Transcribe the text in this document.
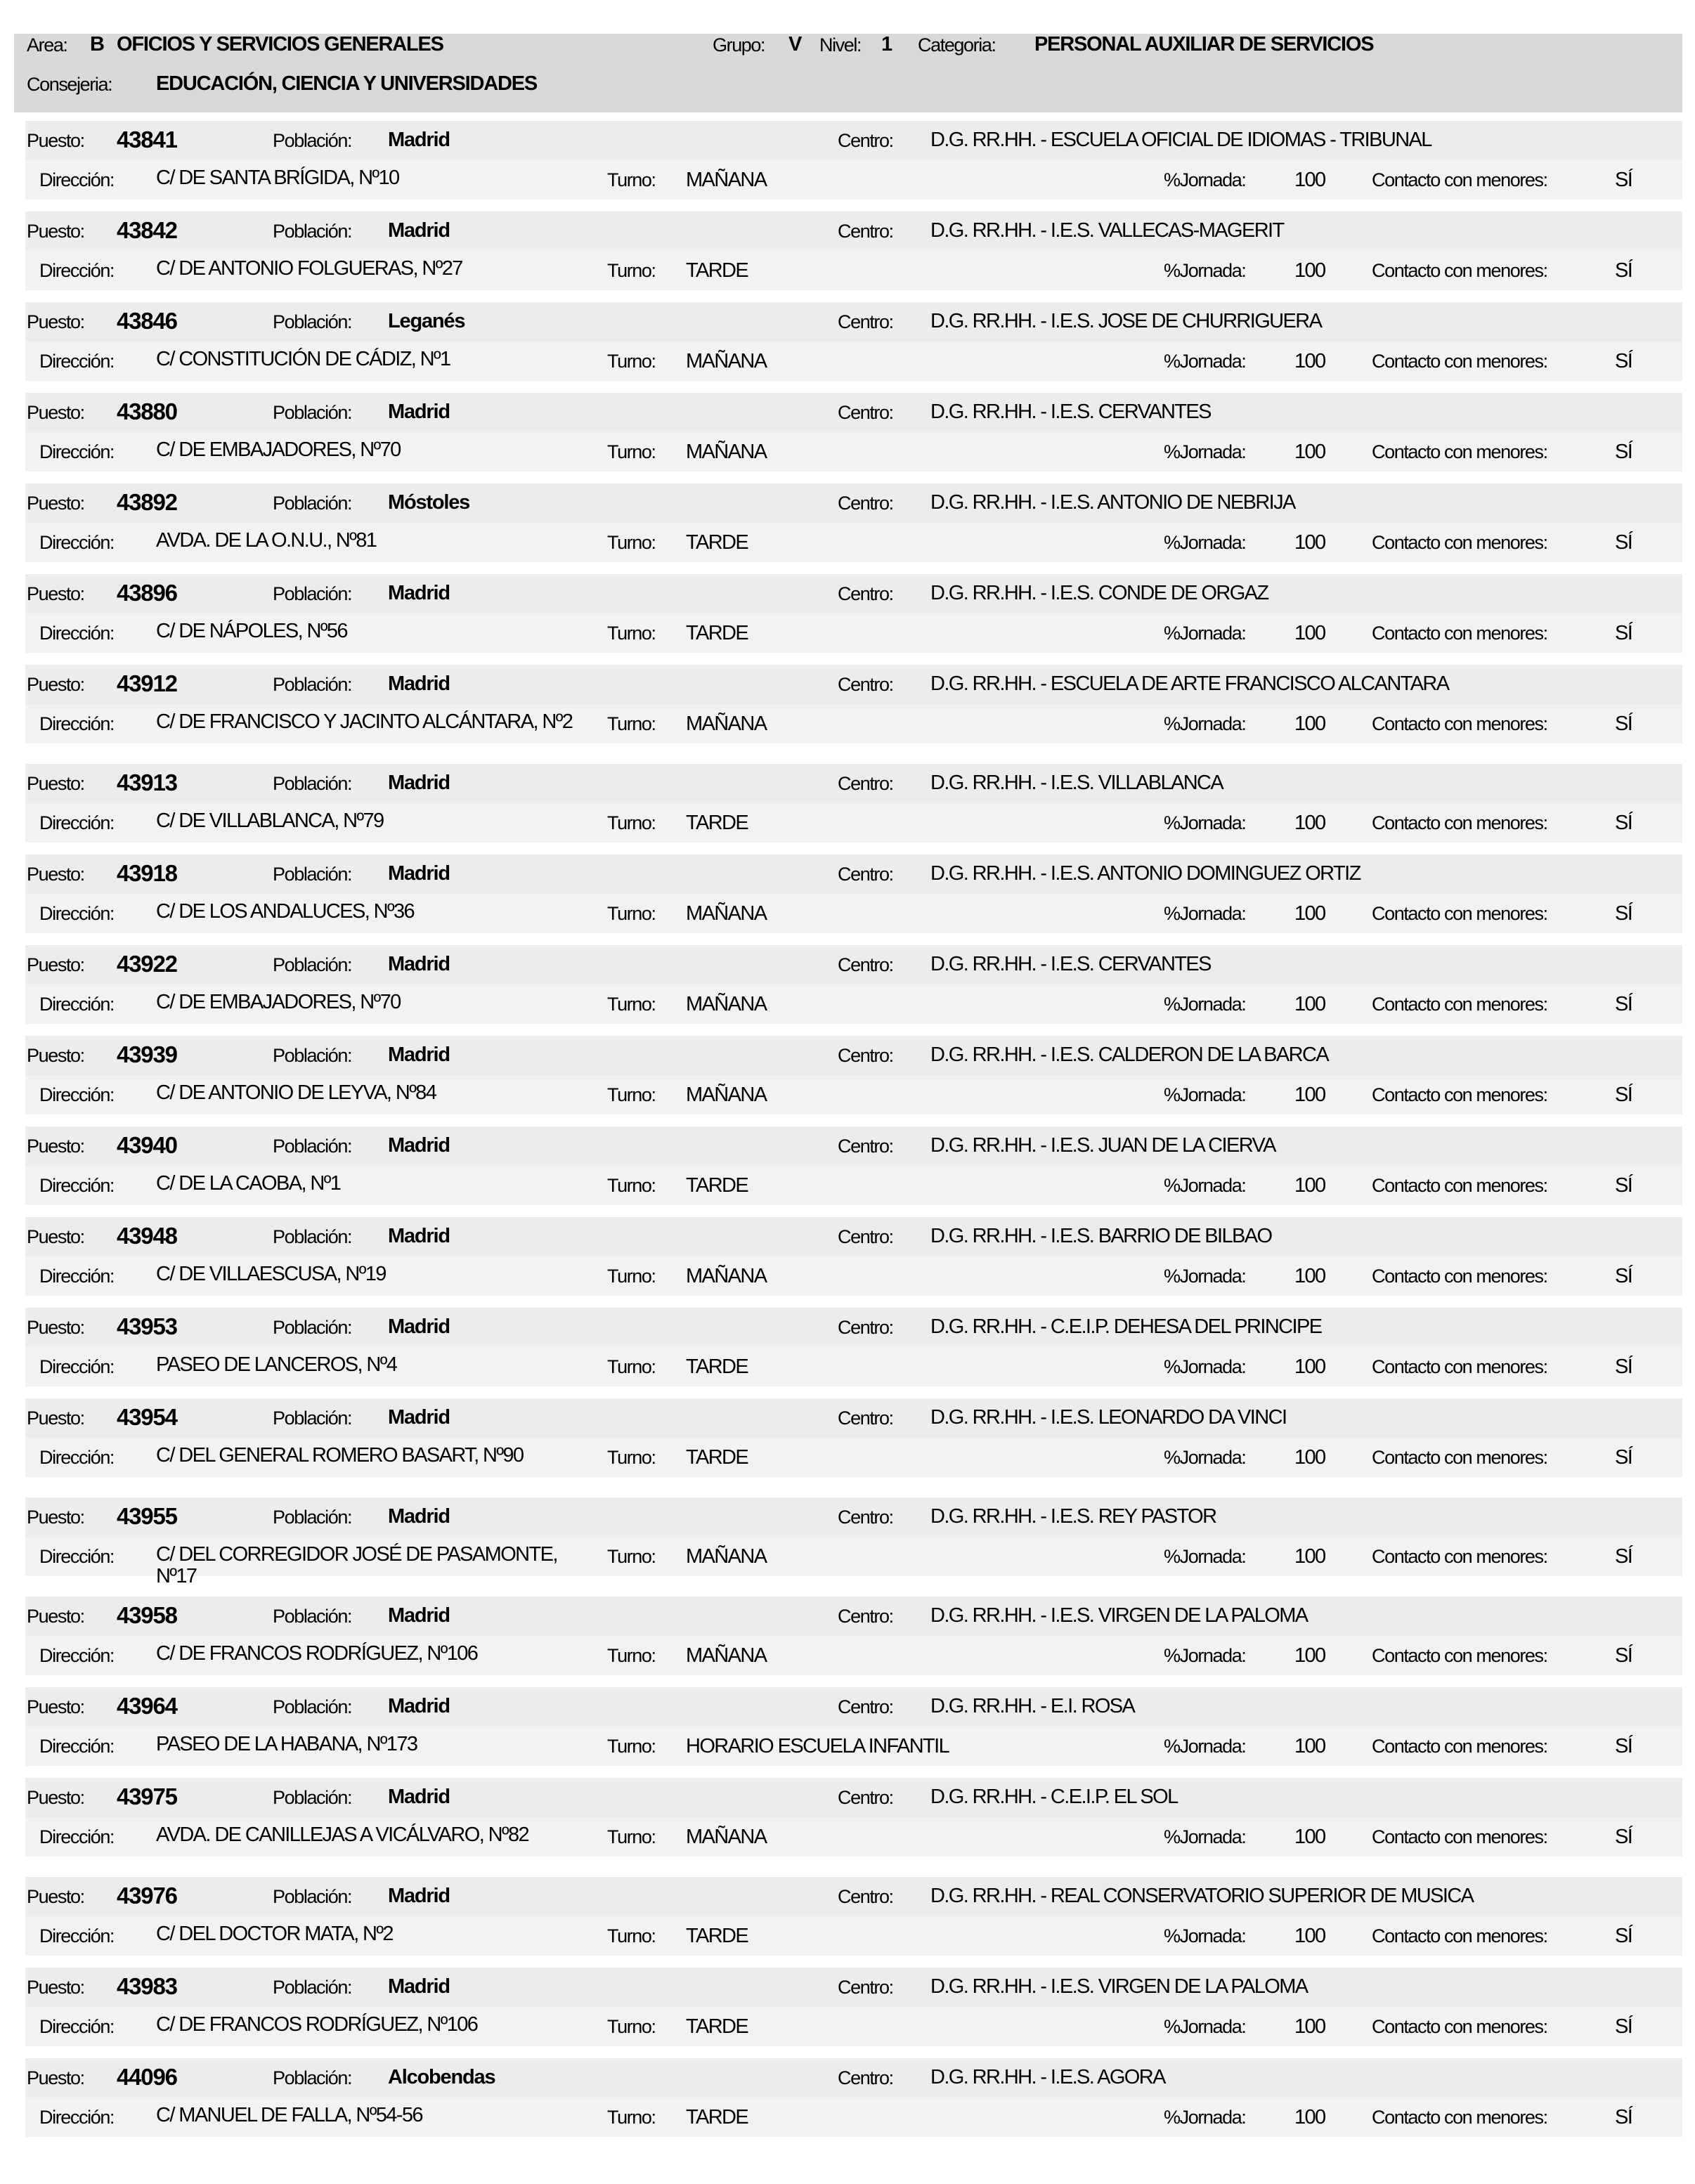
Area: B OFICIOS Y SERVICIOS GENERALES	Grupo: V Nivel: 1 Categoria: PERSONAL AUXILIAR DE SERVICIOS
Consejeria: EDUCACIÓN, CIENCIA Y UNIVERSIDADES
Puesto: 43841	Población: Madrid	Centro: D.G. RR.HH. - ESCUELA OFICIAL DE IDIOMAS - TRIBUNAL
Dirección: C/ DE SANTA BRÍGIDA, Nº10	Turno: MAÑANA	%Jornada: 100 Contacto con menores:	SÍ
Puesto: 43842	Población: Madrid	Centro: D.G. RR.HH. - I.E.S. VALLECAS-MAGERIT
Dirección: C/ DE ANTONIO FOLGUERAS, Nº27	Turno: TARDE	%Jornada: 100 Contacto con menores:	SÍ
Puesto: 43846	Población: Leganés	Centro: D.G. RR.HH. - I.E.S. JOSE DE CHURRIGUERA
Dirección: C/ CONSTITUCIÓN DE CÁDIZ, Nº1	Turno: MAÑANA	%Jornada: 100 Contacto con menores:	SÍ
Puesto: 43880	Población: Madrid	Centro: D.G. RR.HH. - I.E.S. CERVANTES
Dirección: C/ DE EMBAJADORES, Nº70	Turno: MAÑANA	%Jornada: 100 Contacto con menores:	SÍ
Puesto: 43892	Población: Móstoles	Centro: D.G. RR.HH. - I.E.S. ANTONIO DE NEBRIJA
Dirección: AVDA. DE LA O.N.U., Nº81	Turno: TARDE	%Jornada: 100 Contacto con menores:	SÍ
Puesto: 43896	Población: Madrid	Centro: D.G. RR.HH. - I.E.S. CONDE DE ORGAZ
Dirección: C/ DE NÁPOLES, Nº56	Turno: TARDE	%Jornada: 100 Contacto con menores:	SÍ
Puesto: 43912	Población: Madrid	Centro: D.G. RR.HH. - ESCUELA DE ARTE FRANCISCO ALCANTARA
Dirección: C/ DE FRANCISCO Y JACINTO ALCÁNTARA, Nº2 Turno: MAÑANA	%Jornada: 100 Contacto con menores:	SÍ
Puesto: 43913	Población: Madrid	Centro: D.G. RR.HH. - I.E.S. VILLABLANCA
Dirección: C/ DE VILLABLANCA, Nº79	Turno: TARDE	%Jornada: 100 Contacto con menores:	SÍ
Puesto: 43918	Población: Madrid	Centro: D.G. RR.HH. - I.E.S. ANTONIO DOMINGUEZ ORTIZ
Dirección: C/ DE LOS ANDALUCES, Nº36	Turno: MAÑANA	%Jornada: 100 Contacto con menores:	SÍ
Puesto: 43922	Población: Madrid	Centro: D.G. RR.HH. - I.E.S. CERVANTES
Dirección: C/ DE EMBAJADORES, Nº70	Turno: MAÑANA	%Jornada: 100 Contacto con menores:	SÍ
Puesto: 43939	Población: Madrid	Centro: D.G. RR.HH. - I.E.S. CALDERON DE LA BARCA
Dirección: C/ DE ANTONIO DE LEYVA, Nº84	Turno: MAÑANA	%Jornada: 100 Contacto con menores:	SÍ
Puesto: 43940	Población: Madrid	Centro: D.G. RR.HH. - I.E.S. JUAN DE LA CIERVA
Dirección: C/ DE LA CAOBA, Nº1	Turno: TARDE	%Jornada: 100 Contacto con menores:	SÍ
Puesto: 43948	Población: Madrid	Centro: D.G. RR.HH. - I.E.S. BARRIO DE BILBAO
Dirección: C/ DE VILLAESCUSA, Nº19	Turno: MAÑANA	%Jornada: 100 Contacto con menores:	SÍ
Puesto: 43953	Población: Madrid	Centro: D.G. RR.HH. - C.E.I.P. DEHESA DEL PRINCIPE
Dirección: PASEO DE LANCEROS, Nº4	Turno: TARDE	%Jornada: 100 Contacto con menores:	SÍ
Puesto: 43954	Población: Madrid	Centro: D.G. RR.HH. - I.E.S. LEONARDO DA VINCI
Dirección: C/ DEL GENERAL ROMERO BASART, Nº90	Turno: TARDE	%Jornada: 100 Contacto con menores:	SÍ
Puesto: 43955	Población: Madrid	Centro: D.G. RR.HH. - I.E.S. REY PASTOR
Dirección: C/ DEL CORREGIDOR JOSÉ DE PASAMONTE, Nº17
Turno: MAÑANA	%Jornada: 100 Contacto con menores:	SÍ
Puesto: 43958	Población: Madrid	Centro: D.G. RR.HH. - I.E.S. VIRGEN DE LA PALOMA
Dirección: C/ DE FRANCOS RODRÍGUEZ, Nº106	Turno: MAÑANA	%Jornada: 100 Contacto con menores:	SÍ
Puesto: 43964	Población: Madrid	Centro: D.G. RR.HH. - E.I. ROSA
Dirección: PASEO DE LA HABANA, Nº173	Turno: HORARIO ESCUELA INFANTIL	%Jornada: 100 Contacto con menores:	SÍ
Puesto: 43975	Población: Madrid	Centro: D.G. RR.HH. - C.E.I.P. EL SOL
Dirección: AVDA. DE CANILLEJAS A VICÁLVARO, Nº82	Turno: MAÑANA	%Jornada: 100 Contacto con menores:	SÍ
Puesto: 43976	Población: Madrid	Centro: D.G. RR.HH. - REAL CONSERVATORIO SUPERIOR DE MUSICA
Dirección: C/ DEL DOCTOR MATA, Nº2	Turno: TARDE	%Jornada: 100 Contacto con menores:	SÍ
Puesto: 43983	Población: Madrid	Centro: D.G. RR.HH. - I.E.S. VIRGEN DE LA PALOMA
Dirección: C/ DE FRANCOS RODRÍGUEZ, Nº106	Turno: TARDE	%Jornada: 100 Contacto con menores:	SÍ
Puesto: 44096	Población: Alcobendas	Centro: D.G. RR.HH. - I.E.S. AGORA
Dirección: C/ MANUEL DE FALLA, Nº54-56	Turno: TARDE	%Jornada: 100 Contacto con menores:	SÍ
